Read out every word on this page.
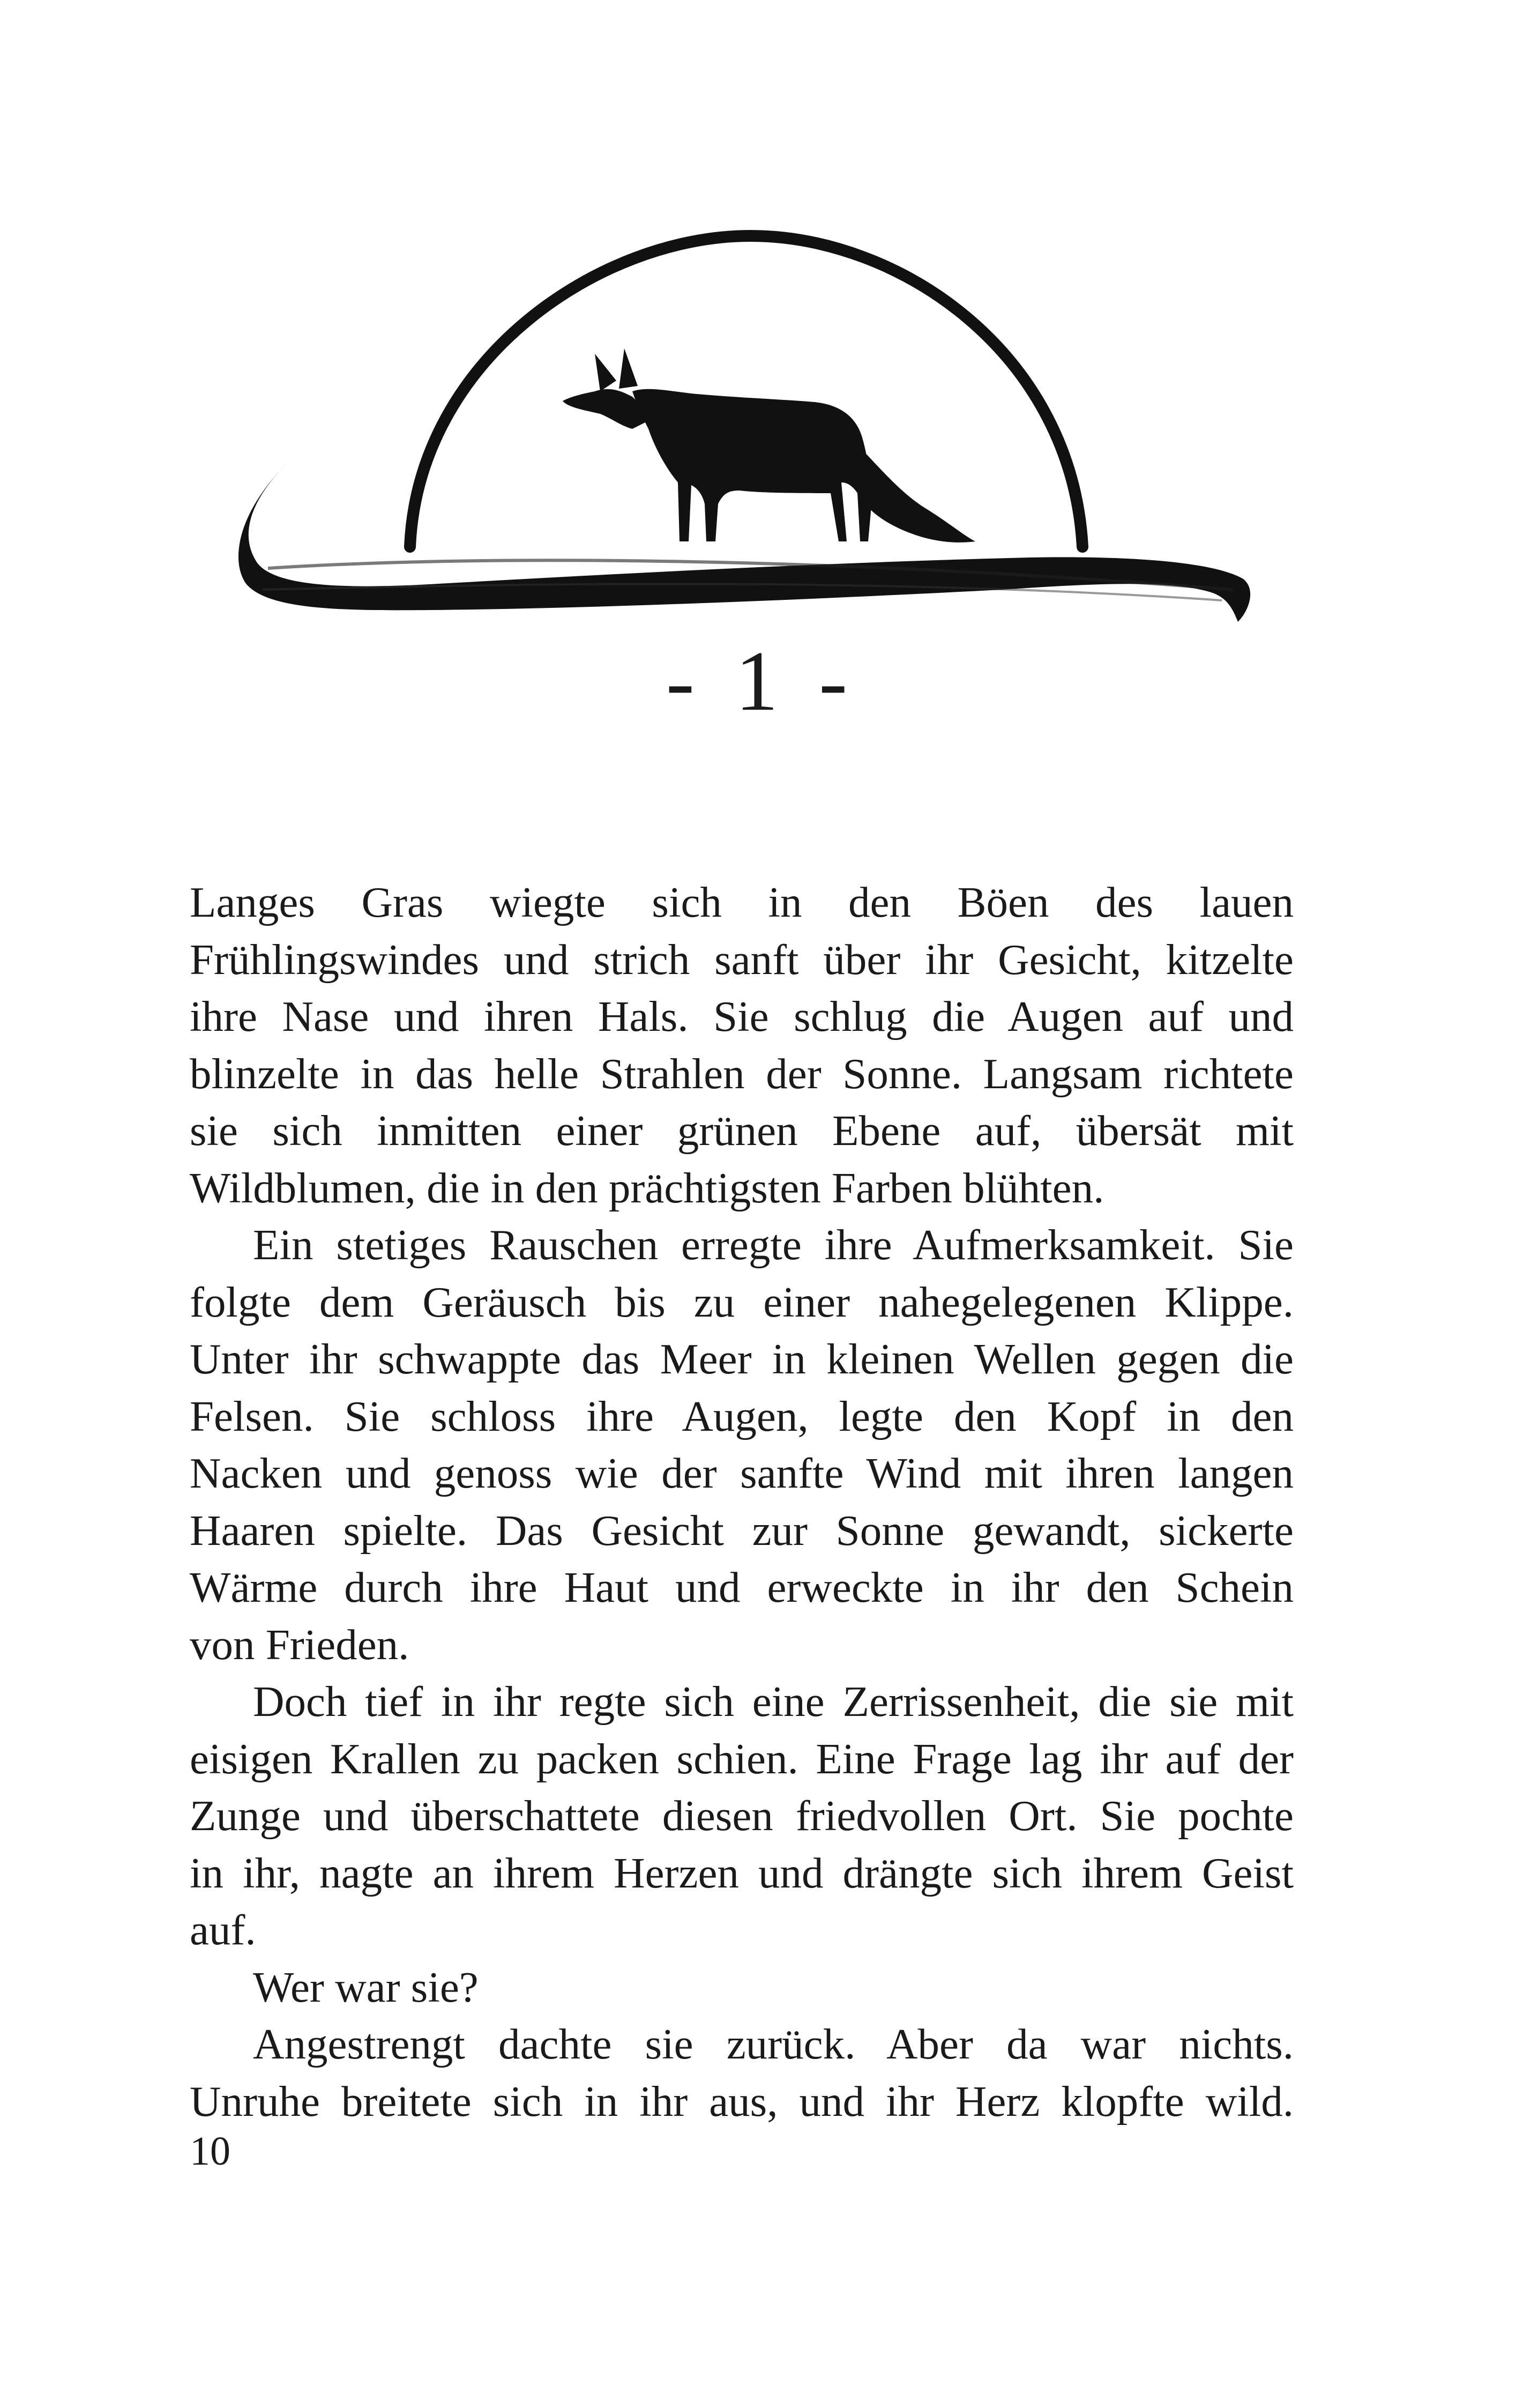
- 1 -
Langes Gras wiegte sich in den Böen des lauen
Frühlingswindes und strich sanft über ihr Gesicht, kitzelte
ihre Nase und ihren Hals. Sie schlug die Augen auf und
blinzelte in das helle Strahlen der Sonne. Langsam richtete
sie sich inmitten einer grünen Ebene auf, übersät mit
Wildblumen, die in den prächtigsten Farben blühten.
Ein stetiges Rauschen erregte ihre Aufmerksamkeit. Sie
folgte dem Geräusch bis zu einer nahegelegenen Klippe.
Unter ihr schwappte das Meer in kleinen Wellen gegen die
Felsen. Sie schloss ihre Augen, legte den Kopf in den
Nacken und genoss wie der sanfte Wind mit ihren langen
Haaren spielte. Das Gesicht zur Sonne gewandt, sickerte
Wärme durch ihre Haut und erweckte in ihr den Schein
von Frieden.
Doch tief in ihr regte sich eine Zerrissenheit, die sie mit
eisigen Krallen zu packen schien. Eine Frage lag ihr auf der
Zunge und überschattete diesen friedvollen Ort. Sie pochte
in ihr, nagte an ihrem Herzen und drängte sich ihrem Geist
auf.
Wer war sie?
Angestrengt dachte sie zurück. Aber da war nichts.
Unruhe breitete sich in ihr aus, und ihr Herz klopfte wild.
10
